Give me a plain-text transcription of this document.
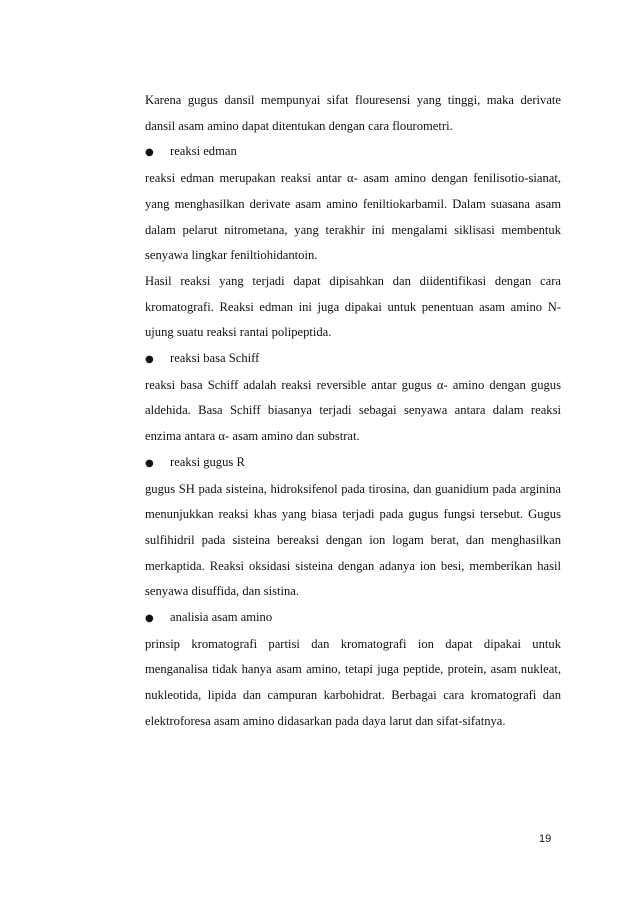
Karena gugus dansil mempunyai sifat flouresensi yang tinggi, maka derivate dansil asam amino dapat ditentukan dengan cara flourometri.

●	reaksi edman

reaksi edman merupakan reaksi antar α- asam amino dengan fenilisotio-sianat, yang menghasilkan derivate asam amino feniltiokarbamil. Dalam suasana asam dalam pelarut nitrometana, yang terakhir ini mengalami siklisasi membentuk senyawa lingkar feniltiohidantoin.

Hasil reaksi yang terjadi dapat dipisahkan dan diidentifikasi dengan cara kromatografi. Reaksi edman ini juga dipakai untuk penentuan asam amino N-ujung suatu reaksi rantai polipeptida.

●	reaksi basa Schiff

reaksi basa Schiff adalah reaksi reversible antar gugus α- amino dengan gugus aldehida. Basa Schiff biasanya terjadi sebagai senyawa antara dalam reaksi enzima antara α- asam amino dan substrat.

●	reaksi gugus R

gugus SH pada sisteina, hidroksifenol pada tirosina, dan guanidium pada arginina menunjukkan reaksi khas yang biasa terjadi pada gugus fungsi tersebut. Gugus sulfihidril pada sisteina bereaksi dengan ion logam berat, dan menghasilkan merkaptida. Reaksi oksidasi sisteina dengan adanya ion besi, memberikan hasil senyawa disuffida, dan sistina.

●	analisia asam amino

prinsip kromatografi partisi dan kromatografi ion dapat dipakai untuk menganalisa tidak hanya asam amino, tetapi juga peptide, protein, asam nukleat, nukleotida, lipida dan campuran karbohidrat. Berbagai cara kromatografi dan elektroforesa asam amino didasarkan pada daya larut dan sifat-sifatnya.

19
